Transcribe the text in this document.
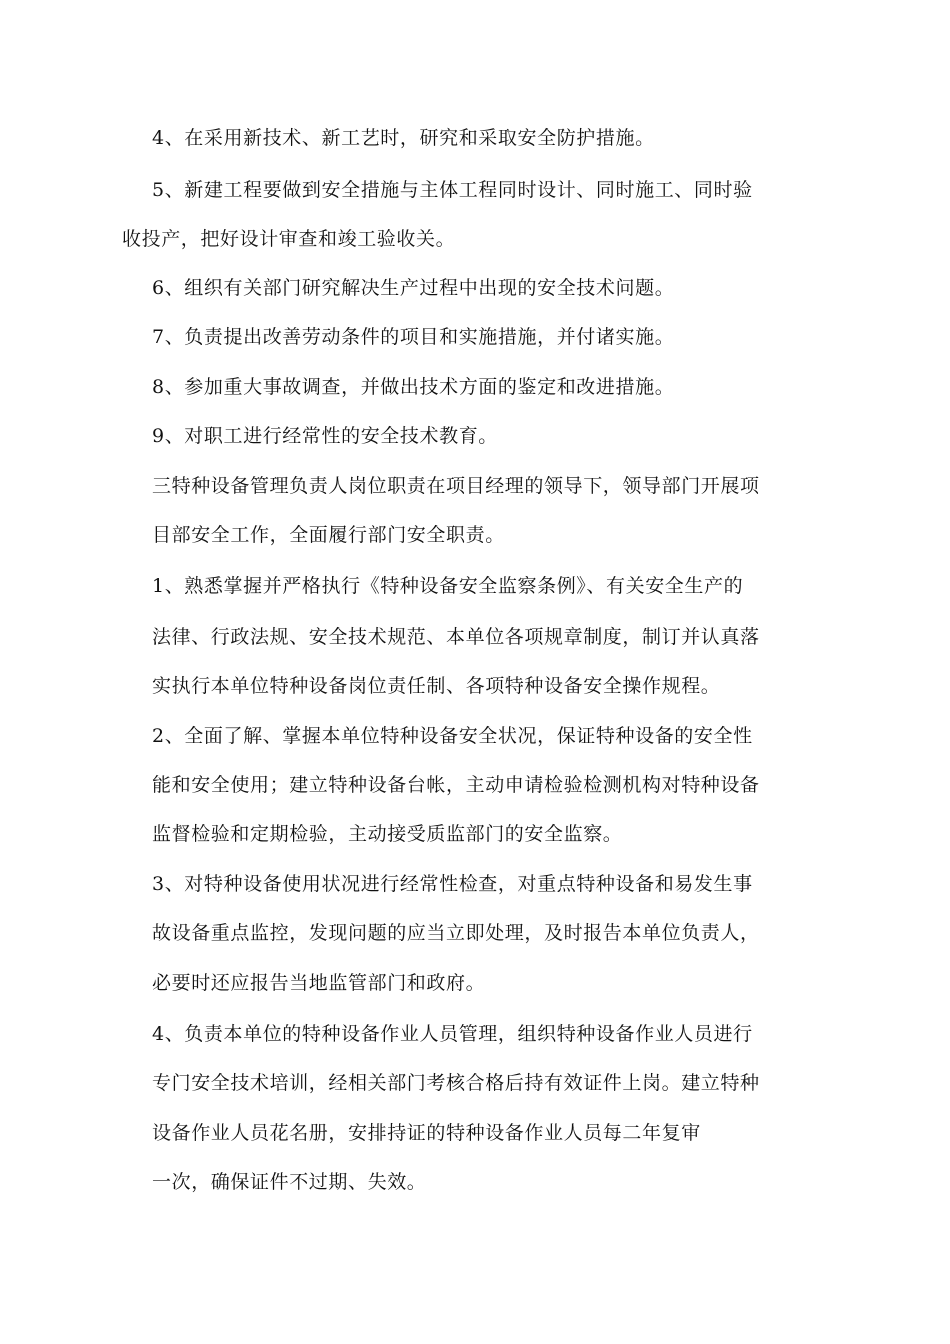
4、在采用新技术、新工艺时，研究和采取安全防护措施。
5、新建工程要做到安全措施与主体工程同时设计、同时施工、同时验
收投产，把好设计审查和竣工验收关。
6、组织有关部门研究解决生产过程中出现的安全技术问题。
7、负责提出改善劳动条件的项目和实施措施，并付诸实施。
8、参加重大事故调查，并做出技术方面的鉴定和改进措施。
9、对职工进行经常性的安全技术教育。
三特种设备管理负责人岗位职责在项目经理的领导下，领导部门开展项
目部安全工作，全面履行部门安全职责。
1、熟悉掌握并严格执行《特种设备安全监察条例》、有关安全生产的
法律、行政法规、安全技术规范、本单位各项规章制度，制订并认真落
实执行本单位特种设备岗位责任制、各项特种设备安全操作规程。
2、全面了解、掌握本单位特种设备安全状况，保证特种设备的安全性
能和安全使用；建立特种设备台帐，主动申请检验检测机构对特种设备
监督检验和定期检验，主动接受质监部门的安全监察。
3、对特种设备使用状况进行经常性检查，对重点特种设备和易发生事
故设备重点监控，发现问题的应当立即处理，及时报告本单位负责人，
必要时还应报告当地监管部门和政府。
4、负责本单位的特种设备作业人员管理，组织特种设备作业人员进行
专门安全技术培训，经相关部门考核合格后持有效证件上岗。建立特种
设备作业人员花名册，安排持证的特种设备作业人员每二年复审
一次，确保证件不过期、失效。
